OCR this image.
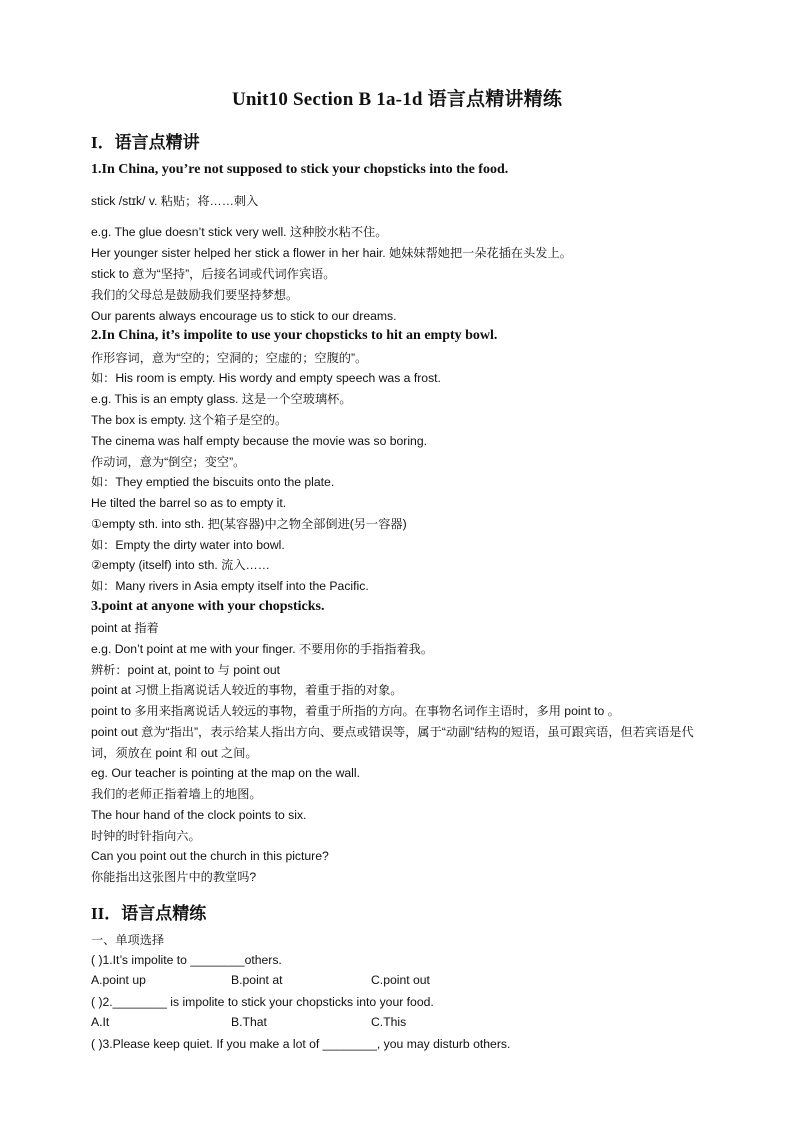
Unit10 Section B 1a-1d 语言点精讲精练
I．语言点精讲
1.In China, you’re not supposed to stick your chopsticks into the food.
stick /stɪk/ v. 粘贴；将……刺入
e.g. The glue doesn’t stick very well. 这种胶水粘不住。
Her younger sister helped her stick a flower in her hair. 她妹妹帮她把一朵花插在头发上。
stick to 意为“坚持”，后接名词或代词作宾语。
我们的父母总是鼓励我们要坚持梦想。
Our parents always encourage us to stick to our dreams.
2.In China, it’s impolite to use your chopsticks to hit an empty bowl.
作形容词，意为“空的；空洞的；空虚的；空腹的”。
如：His room is empty. His wordy and empty speech was a frost.
e.g. This is an empty glass. 这是一个空玻璃杯。
The box is empty. 这个箱子是空的。
The cinema was half empty because the movie was so boring.
作动词，意为“倒空；变空”。
如：They emptied the biscuits onto the plate.
He tilted the barrel so as to empty it.
①empty sth. into sth. 把(某容器)中之物全部倒进(另一容器)
如：Empty the dirty water into bowl.
②empty (itself) into sth. 流入……
如：Many rivers in Asia empty itself into the Pacific.
3.point at anyone with your chopsticks.
point at 指着
e.g. Don’t point at me with your finger. 不要用你的手指指着我。
辨析：point at, point to 与 point out
point at 习惯上指离说话人较近的事物，着重于指的对象。
point to 多用来指离说话人较远的事物，着重于所指的方向。在事物名词作主语时，多用 point to 。
point out 意为“指出”，表示给某人指出方向、要点或错误等，属于“动副”结构的短语，虽可跟宾语，但若宾语是代词，须放在 point 和 out 之间。
eg. Our teacher is pointing at the map on the wall.
我们的老师正指着墙上的地图。
The hour hand of the clock points to six.
时钟的时针指向六。
Can you point out the church in this picture?
你能指出这张图片中的教堂吗?
II．语言点精练
一、单项选择
( )1.It’s impolite to ________others.
A.point up	B.point at	C.point out
( )2.________ is impolite to stick your chopsticks into your food.
A.It	B.That	C.This
( )3.Please keep quiet. If you make a lot of ________, you may disturb others.
